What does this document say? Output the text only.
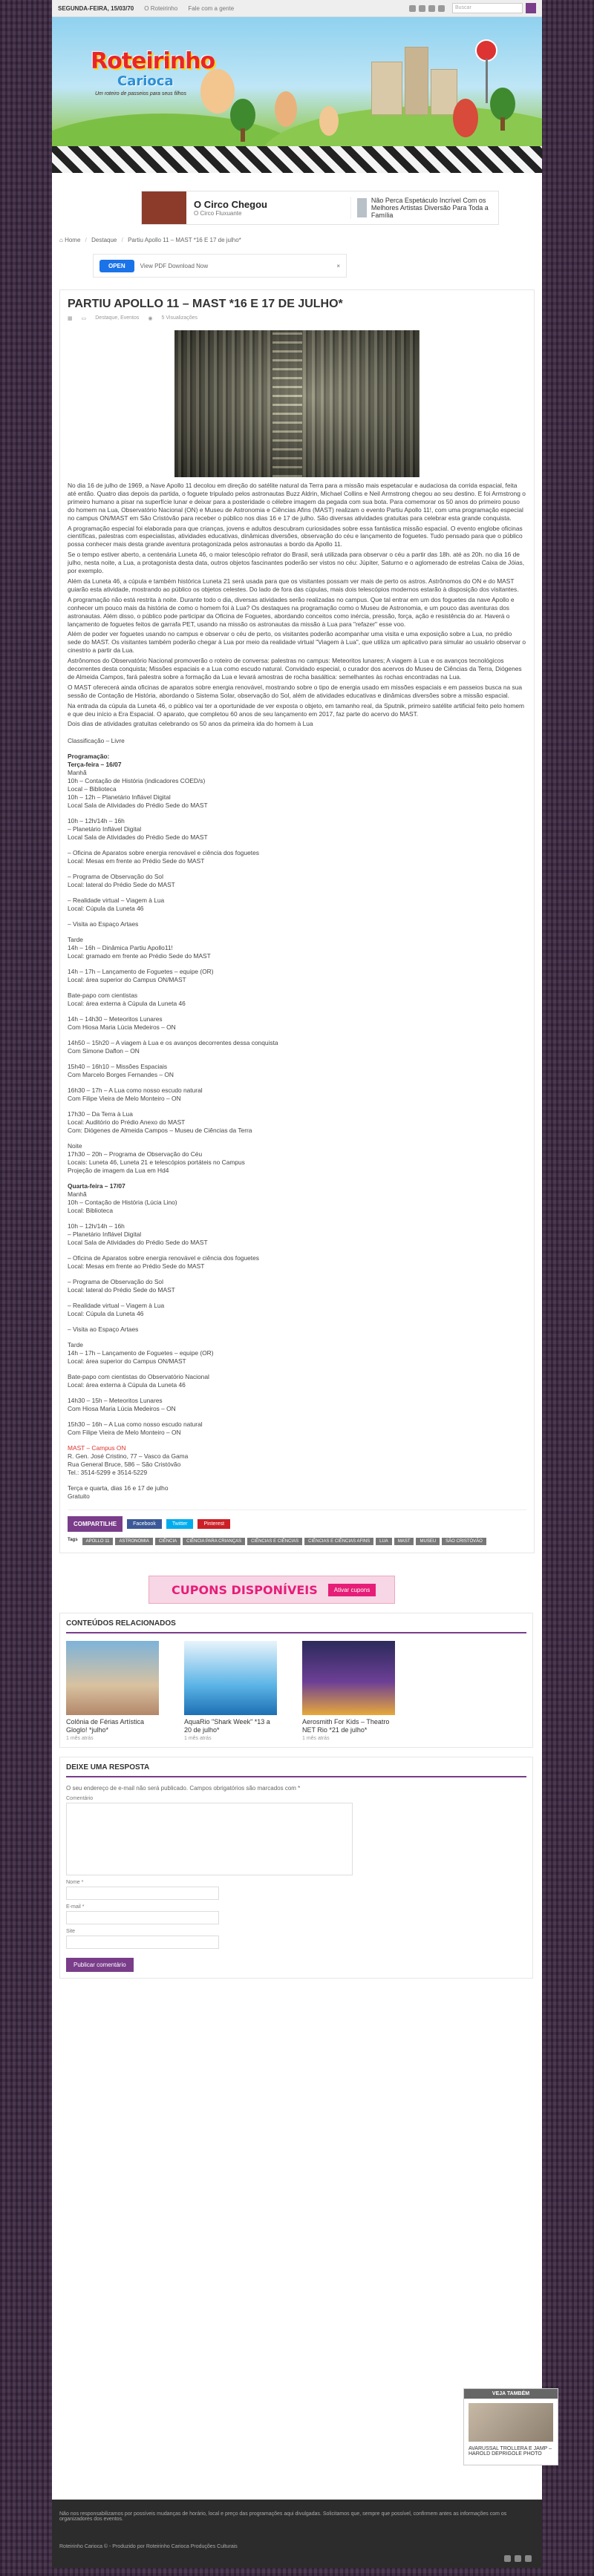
SEGUNDA-FEIRA, 15/03/70 O Roteirinho Fale com a gente	Buscar
Roteirinho
Carioca
Um roteiro de passeios para seus filhos
O Circo Chegou
O Circo Fluxuante
Não Perca Espetáculo Incrível Com os Melhores Artistas Diversão Para Toda a Família
⌂ Home / Destaque / Partiu Apollo 11 – MAST *16 E 17 de julho*
OPEN	View PDF Download Now	×
PARTIU APOLLO 11 – MAST *16 E 17 DE JULHO*
▦ ▭ Destaque, Eventos ◉ 5 Visualizações

No dia 16 de julho de 1969, a Nave Apollo 11 decolou em direção do satélite natural da Terra para a missão mais espetacular e audaciosa da corrida espacial, feita até então. Quatro dias depois da partida, o foguete tripulado pelos astronautas Buzz Aldrin, Michael Collins e Neil Armstrong chegou ao seu destino. E foi Armstrong o primeiro humano a pisar na superfície lunar e deixar para a posteridade o célebre imagem da pegada com sua bota. Para comemorar os 50 anos do primeiro pouso do homem na Lua, Observatório Nacional (ON) e Museu de Astronomia e Ciências Afins (MAST) realizam o evento Partiu Apollo 11!, com uma programação especial no campus ON/MAST em São Cristóvão para receber o público nos dias 16 e 17 de julho. São diversas atividades gratuitas para celebrar esta grande conquista.

A programação especial foi elaborada para que crianças, jovens e adultos descubram curiosidades sobre essa fantástica missão espacial. O evento englobe oficinas científicas, palestras com especialistas, atividades educativas, dinâmicas diversões, observação do céu e lançamento de foguetes. Tudo pensado para que o público possa conhecer mais desta grande aventura protagonizada pelos astronautas a bordo da Apollo 11.

Se o tempo estiver aberto, a centenária Luneta 46, o maior telescópio refrator do Brasil, será utilizada para observar o céu a partir das 18h. até as 20h. no dia 16 de julho, nesta noite, a Lua, a protagonista desta data, outros objetos fascinantes poderão ser vistos no céu: Júpiter, Saturno e o aglomerado de estrelas Caixa de Jóias, por exemplo.

Além da Luneta 46, a cúpula e também histórica Luneta 21 será usada para que os visitantes possam ver mais de perto os astros. Astrônomos do ON e do MAST guiarão esta atividade, mostrando ao público os objetos celestes. Do lado de fora das cúpulas, mais dois telescópios modernos estarão à disposição dos visitantes.

A programação não está restrita à noite. Durante todo o dia, diversas atividades serão realizadas no campus. Que tal entrar em um dos foguetes da nave Apollo e conhecer um pouco mais da história de como o homem foi à Lua? Os destaques na programação como o Museu de Astronomia, e um pouco das aventuras dos astronautas. Além disso, o público pode participar da Oficina de Foguetes, abordando conceitos como inércia, pressão, força, ação e resistência do ar. Haverá o lançamento de foguetes feitos de garrafa PET, usando na missão os astronautas da missão à Lua para "refazer" esse voo.

Além de poder ver foguetes usando no campus e observar o céu de perto, os visitantes poderão acompanhar uma visita e uma exposição sobre a Lua, no prédio sede do MAST. Os visitantes também poderão chegar à Lua por meio da realidade virtual "Viagem à Lua", que utiliza um aplicativo para simular ao usuário observar o cinestrio a partir da Lua.

Astrônomos do Observatório Nacional promoverão o roteiro de conversa: palestras no campus: Meteoritos lunares; A viagem à Lua e os avanços tecnológicos decorrentes desta conquista; Missões espaciais e a Lua como escudo natural. Convidado especial, o curador dos acervos do Museu de Ciências da Terra, Diógenes de Almeida Campos, fará palestra sobre a formação da Lua e levará amostras de rocha basáltica: semelhantes às rochas encontradas na Lua.

O MAST oferecerá ainda oficinas de aparatos sobre energia renovável, mostrando sobre o tipo de energia usado em missões espaciais e em passeios busca na sua sessão de Contação de História, abordando o Sistema Solar, observação do Sol, além de atividades educativas e dinâmicas diversões sobre a missão espacial.

Na entrada da cúpula da Luneta 46, o público vai ter a oportunidade de ver exposta o objeto, em tamanho real, da Sputnik, primeiro satélite artificial feito pelo homem e que deu início a Era Espacial. O aparato, que completou 60 anos de seu lançamento em 2017, faz parte do acervo do MAST.

Dois dias de atividades gratuitas celebrando os 50 anos da primeira ida do homem à Lua

Classificação – Livre
Programação:
Terça-feira – 16/07
Manhã
10h – Contação de História (indicadores COED/s)
Local – Biblioteca
10h – 12h – Planetário Inflável Digital
Local Sala de Atividades do Prédio Sede do MAST
10h – 12h/14h – 16h
– Planetário Inflável Digital
Local Sala de Atividades do Prédio Sede do MAST
– Oficina de Aparatos sobre energia renovável e ciência dos foguetes
Local: Mesas em frente ao Prédio Sede do MAST
– Programa de Observação do Sol
Local: lateral do Prédio Sede do MAST
– Realidade virtual – Viagem à Lua
Local: Cúpula da Luneta 46
– Visita ao Espaço Artaes
Tarde
14h – 16h – Dinâmica Partiu Apollo11!
Local: gramado em frente ao Prédio Sede do MAST
14h – 17h – Lançamento de Foguetes – equipe (OR)
Local: área superior do Campus ON/MAST
Bate-papo com cientistas
Local: área externa à Cúpula da Luneta 46
14h – 14h30 – Meteoritos Lunares
Com Hiosa Maria Lúcia Medeiros – ON
14h50 – 15h20 – A viagem à Lua e os avanços decorrentes dessa conquista
Com Simone Daflon – ON
15h40 – 16h10 – Missões Espaciais
Com Marcelo Borges Fernandes – ON
16h30 – 17h – A Lua como nosso escudo natural
Com Filipe Vieira de Melo Monteiro – ON
17h30 – Da Terra à Lua
Local: Auditório do Prédio Anexo do MAST
Com: Diógenes de Almeida Campos – Museu de Ciências da Terra
Noite
17h30 – 20h – Programa de Observação do Céu
Locais: Luneta 46, Luneta 21 e telescópios portáteis no Campus
Projeção de imagem da Lua em Hd4
Quarta-feira – 17/07
Manhã
10h – Contação de História (Lúcia Lino)
Local: Biblioteca
10h – 12h/14h – 16h
– Planetário Inflável Digital
Local Sala de Atividades do Prédio Sede do MAST
– Oficina de Aparatos sobre energia renovável e ciência dos foguetes
Local: Mesas em frente ao Prédio Sede do MAST
– Programa de Observação do Sol
Local: lateral do Prédio Sede do MAST
– Realidade virtual – Viagem à Lua
Local: Cúpula da Luneta 46
– Visita ao Espaço Artaes
Tarde
14h – 17h – Lançamento de Foguetes – equipe (OR)
Local: área superior do Campus ON/MAST
Bate-papo com cientistas do Observatório Nacional
Local: área externa à Cúpula da Luneta 46
14h30 – 15h – Meteoritos Lunares
Com Hiosa Maria Lúcia Medeiros – ON
15h30 – 16h – A Lua como nosso escudo natural
Com Filipe Vieira de Melo Monteiro – ON
MAST – Campus ON
R. Gen. José Cristino, 77 – Vasco da Gama
Rua General Bruce, 586 – São Cristóvão
Tel.: 3514-5299 e 3514-5229
Terça e quarta, dias 16 e 17 de julho
Gratuito
COMPARTILHE	Facebook	Twitter	Pinterest
Tags	APOLLO 11	ASTRONOMIA	CIÊNCIA	CIÊNCIA PARA CRIANÇAS	CIÊNCIAS E CIÊNCIAS	CIÊNCIAS E CIÊNCIAS AFINS	LUA	MAST	MUSEU	SÃO CRISTÓVÃO
CUPONS DISPONÍVEIS	Ativar cupons
CONTEÚDOS RELACIONADOS
Colônia de Férias Artística Gloglo! *julho*
1 mês atrás
AquaRio "Shark Week" *13 a 20 de julho*
1 mês atrás
Aerosmith For Kids – Theatro NET Rio *21 de julho*
1 mês atrás
DEIXE UMA RESPOSTA
O seu endereço de e-mail não será publicado. Campos obrigatórios são marcados com *
Comentário
Nome *
E-mail *
Site
Publicar comentário
Não nos responsabilizamos por possíveis mudanças de horário, local e preço das programações aqui divulgadas. Solicitamos que, sempre que possível, confirmem antes as informações com os organizadores dos eventos.
Roteirinho Carioca © - Produzido por Roteirinho Carioca Produções Culturais
VEJA TAMBÉM
AVARUSSAL TROLLERA E JAMP – HAROLD DEPRIGOLE PHOTO
